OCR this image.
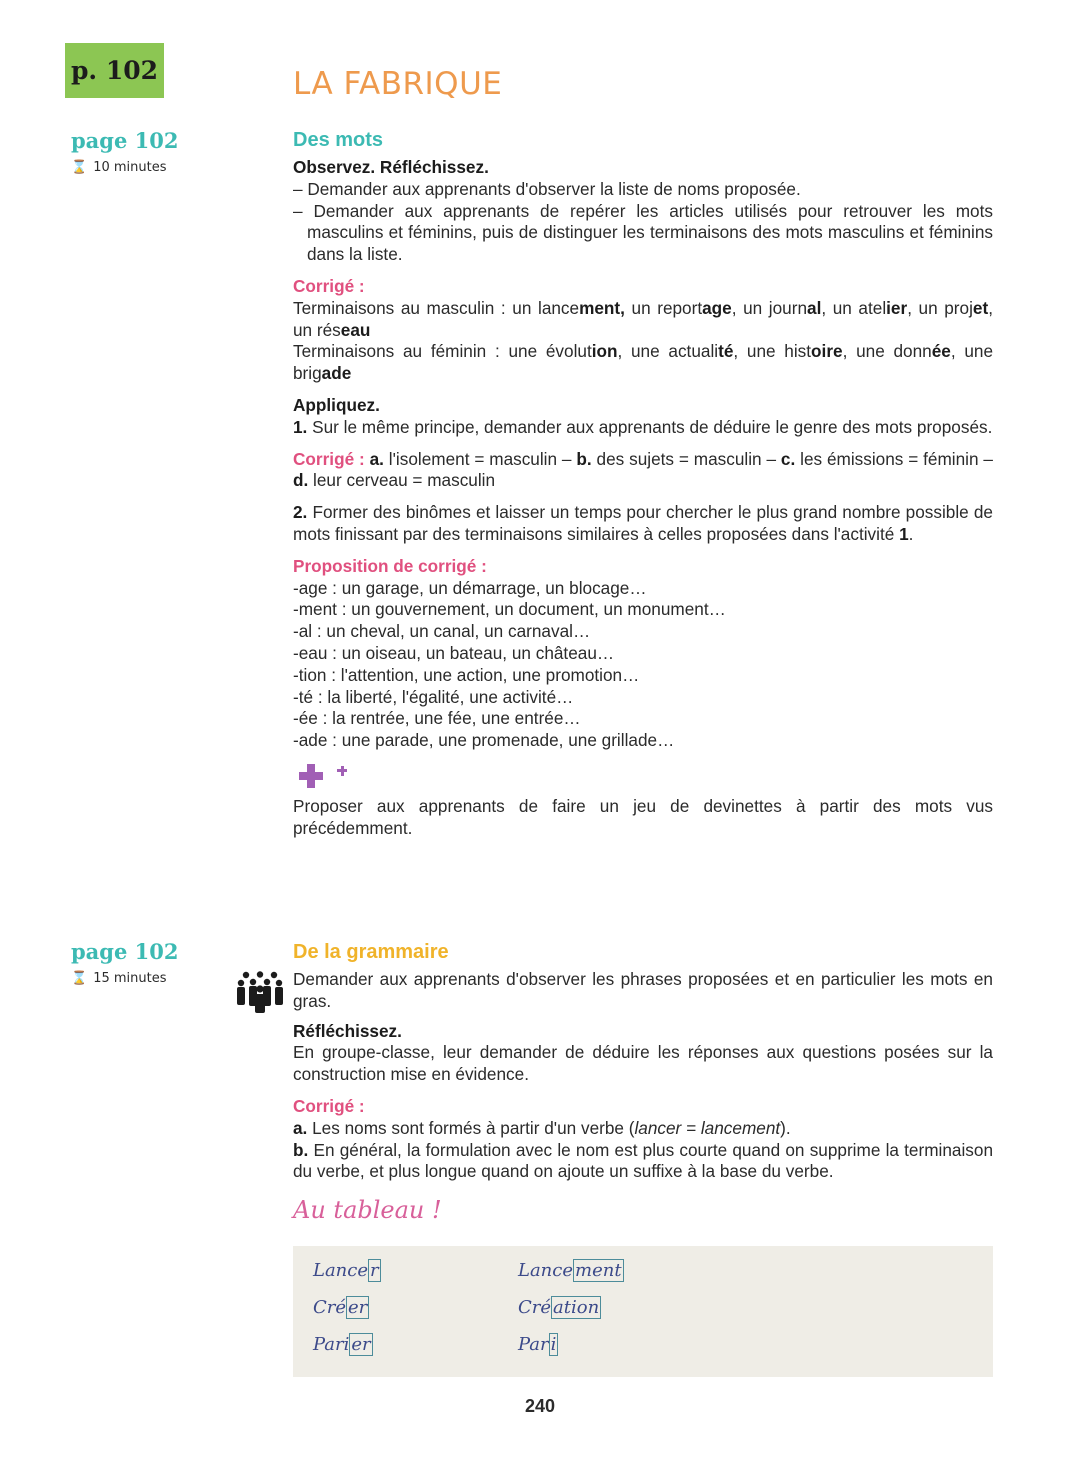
p. 102	LA FABRIQUE
page 102
⌛ 10 minutes
Des mots
Observez. Réfléchissez.
– Demander aux apprenants d'observer la liste de noms proposée.
– Demander aux apprenants de repérer les articles utilisés pour retrouver les mots masculins et féminins, puis de distinguer les terminaisons des mots masculins et féminins dans la liste.
Corrigé :
Terminaisons au masculin : un lancement, un reportage, un journal, un atelier, un projet, un réseau
Terminaisons au féminin : une évolution, une actualité, une histoire, une donnée, une brigade
Appliquez.
1. Sur le même principe, demander aux apprenants de déduire le genre des mots proposés.
Corrigé : a. l'isolement = masculin – b. des sujets = masculin – c. les émissions = féminin – d. leur cerveau = masculin
2. Former des binômes et laisser un temps pour chercher le plus grand nombre possible de mots finissant par des terminaisons similaires à celles proposées dans l'activité 1.
Proposition de corrigé :
-age : un garage, un démarrage, un blocage…
-ment : un gouvernement, un document, un monument…
-al : un cheval, un canal, un carnaval…
-eau : un oiseau, un bateau, un château…
-tion : l'attention, une action, une promotion…
-té : la liberté, l'égalité, une activité…
-ée : la rentrée, une fée, une entrée…
-ade : une parade, une promenade, une grillade…
Proposer aux apprenants de faire un jeu de devinettes à partir des mots vus précédemment.
page 102
⌛ 15 minutes
De la grammaire
Demander aux apprenants d'observer les phrases proposées et en particulier les mots en gras.
Réfléchissez.
En groupe-classe, leur demander de déduire les réponses aux questions posées sur la construction mise en évidence.
Corrigé :
a. Les noms sont formés à partir d'un verbe (lancer = lancement).
b. En général, la formulation avec le nom est plus courte quand on supprime la terminaison du verbe, et plus longue quand on ajoute un suffixe à la base du verbe.
Au tableau !
Lance r	Lance ment
Cré er	Cré ation
Pari er	Par i
240
